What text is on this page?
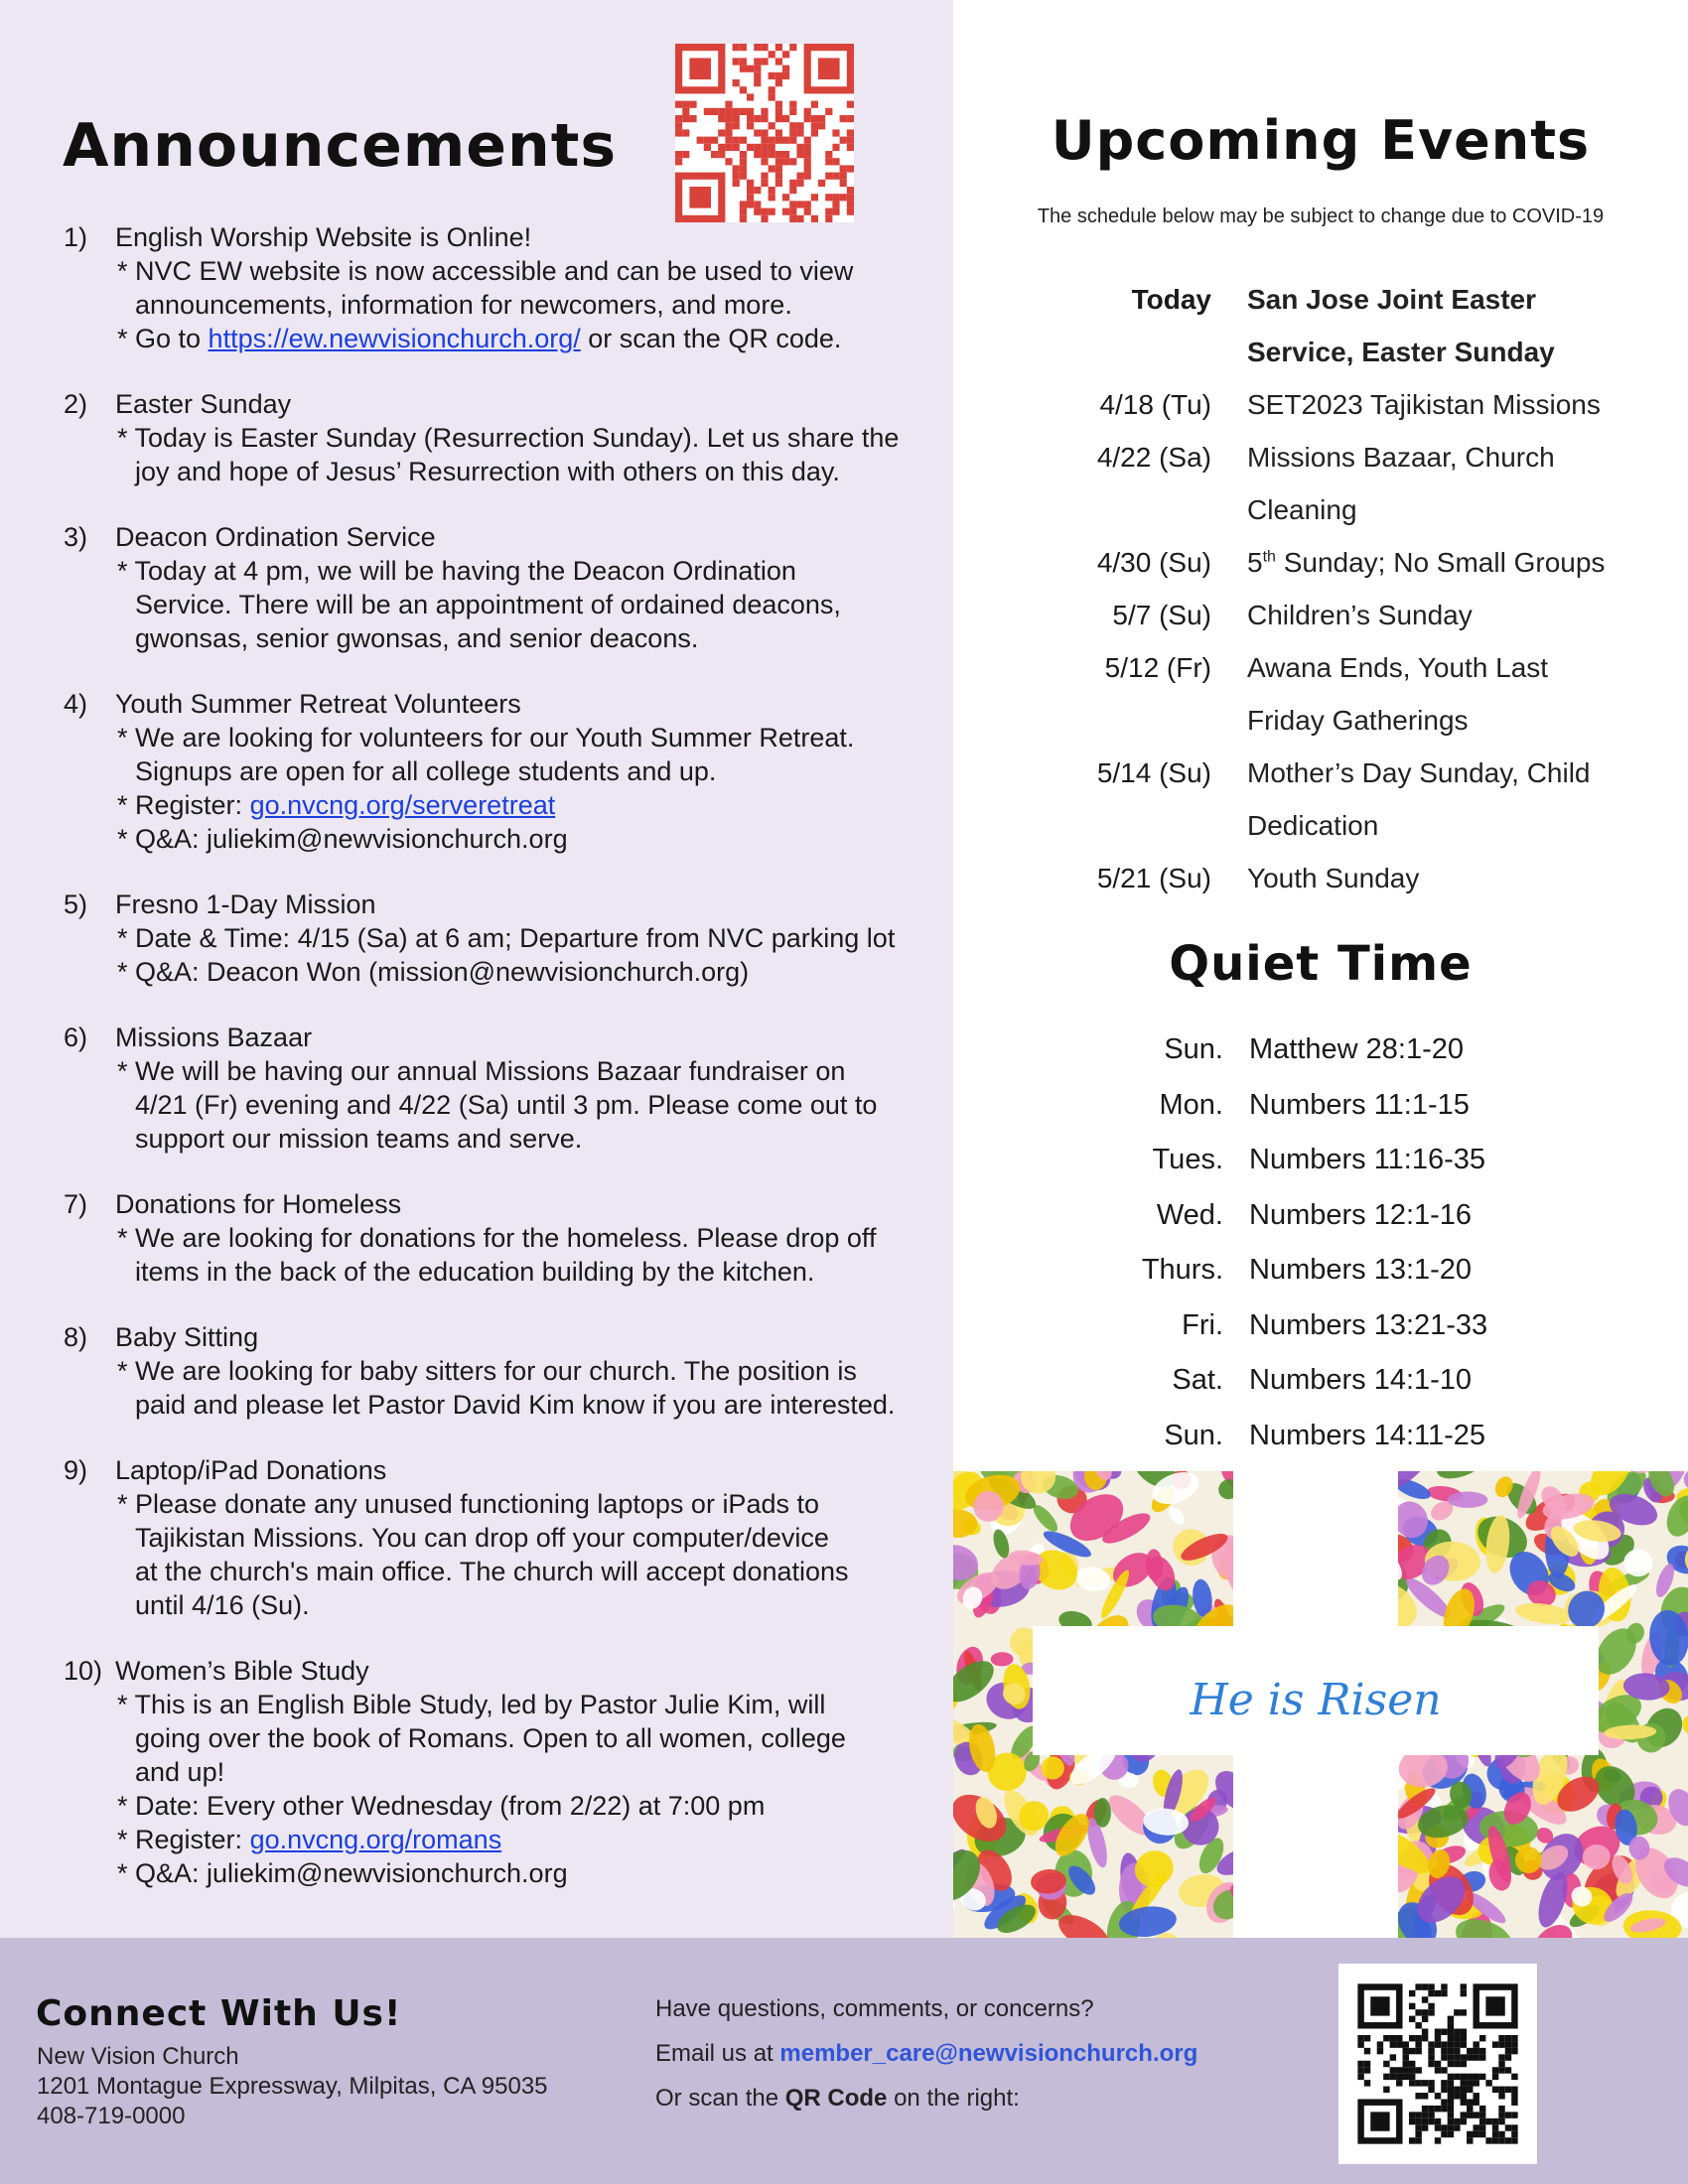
Announcements
1) English Worship Website is Online!
* NVC EW website is now accessible and can be used to view
announcements, information for newcomers, and more.
* Go to https://ew.newvisionchurch.org/ or scan the QR code.
2) Easter Sunday
* Today is Easter Sunday (Resurrection Sunday). Let us share the
joy and hope of Jesus’ Resurrection with others on this day.
3) Deacon Ordination Service
* Today at 4 pm, we will be having the Deacon Ordination
Service. There will be an appointment of ordained deacons,
gwonsas, senior gwonsas, and senior deacons.
4) Youth Summer Retreat Volunteers
* We are looking for volunteers for our Youth Summer Retreat.
Signups are open for all college students and up.
* Register: go.nvcng.org/serveretreat
* Q&A: juliekim@newvisionchurch.org
5) Fresno 1-Day Mission
* Date & Time: 4/15 (Sa) at 6 am; Departure from NVC parking lot
* Q&A: Deacon Won (mission@newvisionchurch.org)
6) Missions Bazaar
* We will be having our annual Missions Bazaar fundraiser on
4/21 (Fr) evening and 4/22 (Sa) until 3 pm. Please come out to
support our mission teams and serve.
7) Donations for Homeless
* We are looking for donations for the homeless. Please drop off
items in the back of the education building by the kitchen.
8) Baby Sitting
* We are looking for baby sitters for our church. The position is
paid and please let Pastor David Kim know if you are interested.
9) Laptop/iPad Donations
* Please donate any unused functioning laptops or iPads to
Tajikistan Missions. You can drop off your computer/device
at the church's main office. The church will accept donations
until 4/16 (Su).
10) Women’s Bible Study
* This is an English Bible Study, led by Pastor Julie Kim, will
going over the book of Romans. Open to all women, college
and up!
* Date: Every other Wednesday (from 2/22) at 7:00 pm
* Register: go.nvcng.org/romans
* Q&A: juliekim@newvisionchurch.org
Upcoming Events
The schedule below may be subject to change due to COVID-19
Today	San Jose Joint Easter
Service, Easter Sunday

4/18 (Tu)	SET2023 Tajikistan Missions

4/22 (Sa)	Missions Bazaar, Church
Cleaning

4/30 (Su)	5th Sunday; No Small Groups
5/7 (Su)	Children’s Sunday

5/12 (Fr)	Awana Ends, Youth Last
Friday Gatherings

5/14 (Su)	Mother’s Day Sunday, Child
Dedication

5/21 (Su)	Youth Sunday
Quiet Time
Sun.	Matthew 28:1-20
Mon.	Numbers 11:1-15
Tues.	Numbers 11:16-35
Wed.	Numbers 12:1-16
Thurs.	Numbers 13:1-20
Fri.	Numbers 13:21-33
Sat.	Numbers 14:1-10
Sun.	Numbers 14:11-25
He is Risen
Connect With Us!
New Vision Church
1201 Montague Expressway, Milpitas, CA 95035
408-719-0000
Have questions, comments, or concerns?
Email us at member_care@newvisionchurch.org
Or scan the QR Code on the right:
